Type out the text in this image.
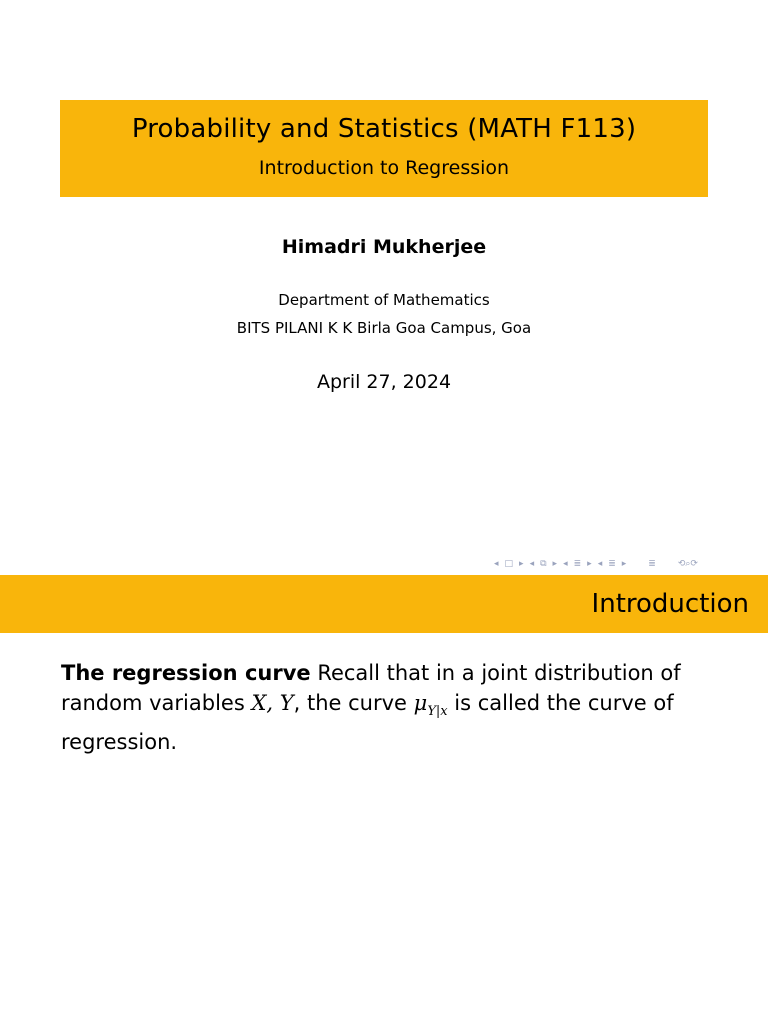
Probability and Statistics (MATH F113)
Introduction to Regression
Himadri Mukherjee
Department of Mathematics
BITS PILANI K K Birla Goa Campus, Goa
April 27, 2024
◂ □ ▸ ◂ ⧉ ▸ ◂ ≣ ▸ ◂ ≣ ▸ ≣ ⟲⌕⟳
Introduction
The regression curve Recall that in a joint distribution of random variables X, Y, the curve $\mu_{Y|x}$ is called the curve of regression.
